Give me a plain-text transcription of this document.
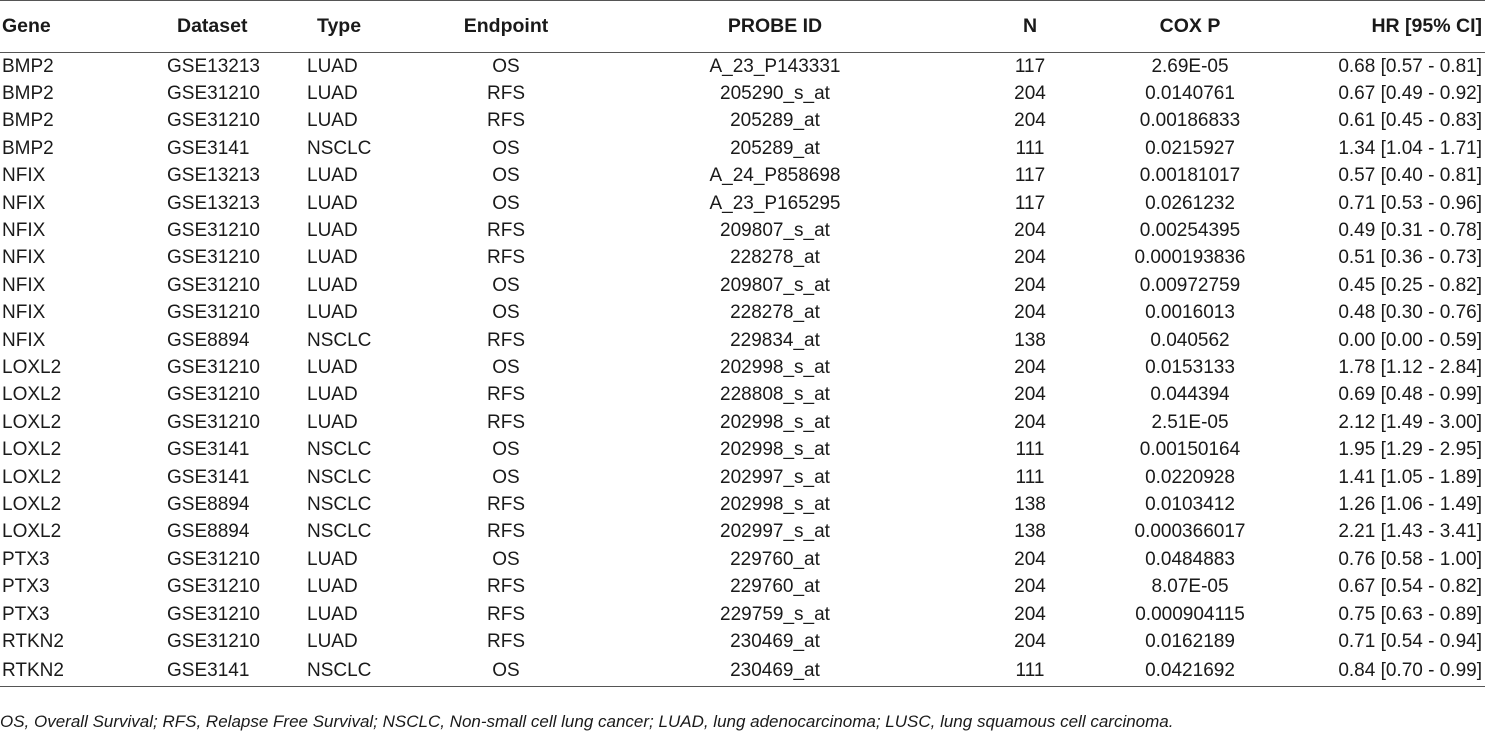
Gene	Dataset	Type	Endpoint	PROBE ID	N	COX P	HR [95% CI]
BMP2	GSE13213	LUAD	OS	A_23_P143331	117	2.69E-05	0.68 [0.57 - 0.81]
BMP2	GSE31210	LUAD	RFS	205290_s_at	204	0.0140761	0.67 [0.49 - 0.92]
BMP2	GSE31210	LUAD	RFS	205289_at	204	0.00186833	0.61 [0.45 - 0.83]
BMP2	GSE3141	NSCLC	OS	205289_at	111	0.0215927	1.34 [1.04 - 1.71]
NFIX	GSE13213	LUAD	OS	A_24_P858698	117	0.00181017	0.57 [0.40 - 0.81]
NFIX	GSE13213	LUAD	OS	A_23_P165295	117	0.0261232	0.71 [0.53 - 0.96]
NFIX	GSE31210	LUAD	RFS	209807_s_at	204	0.00254395	0.49 [0.31 - 0.78]
NFIX	GSE31210	LUAD	RFS	228278_at	204	0.000193836	0.51 [0.36 - 0.73]
NFIX	GSE31210	LUAD	OS	209807_s_at	204	0.00972759	0.45 [0.25 - 0.82]
NFIX	GSE31210	LUAD	OS	228278_at	204	0.0016013	0.48 [0.30 - 0.76]
NFIX	GSE8894	NSCLC	RFS	229834_at	138	0.040562	0.00 [0.00 - 0.59]
LOXL2	GSE31210	LUAD	OS	202998_s_at	204	0.0153133	1.78 [1.12 - 2.84]
LOXL2	GSE31210	LUAD	RFS	228808_s_at	204	0.044394	0.69 [0.48 - 0.99]
LOXL2	GSE31210	LUAD	RFS	202998_s_at	204	2.51E-05	2.12 [1.49 - 3.00]
LOXL2	GSE3141	NSCLC	OS	202998_s_at	111	0.00150164	1.95 [1.29 - 2.95]
LOXL2	GSE3141	NSCLC	OS	202997_s_at	111	0.0220928	1.41 [1.05 - 1.89]
LOXL2	GSE8894	NSCLC	RFS	202998_s_at	138	0.0103412	1.26 [1.06 - 1.49]
LOXL2	GSE8894	NSCLC	RFS	202997_s_at	138	0.000366017	2.21 [1.43 - 3.41]
PTX3	GSE31210	LUAD	OS	229760_at	204	0.0484883	0.76 [0.58 - 1.00]
PTX3	GSE31210	LUAD	RFS	229760_at	204	8.07E-05	0.67 [0.54 - 0.82]
PTX3	GSE31210	LUAD	RFS	229759_s_at	204	0.000904115	0.75 [0.63 - 0.89]
RTKN2	GSE31210	LUAD	RFS	230469_at	204	0.0162189	0.71 [0.54 - 0.94]
RTKN2	GSE3141	NSCLC	OS	230469_at	111	0.0421692	0.84 [0.70 - 0.99]
OS, Overall Survival; RFS, Relapse Free Survival; NSCLC, Non-small cell lung cancer; LUAD, lung adenocarcinoma; LUSC, lung squamous cell carcinoma.
